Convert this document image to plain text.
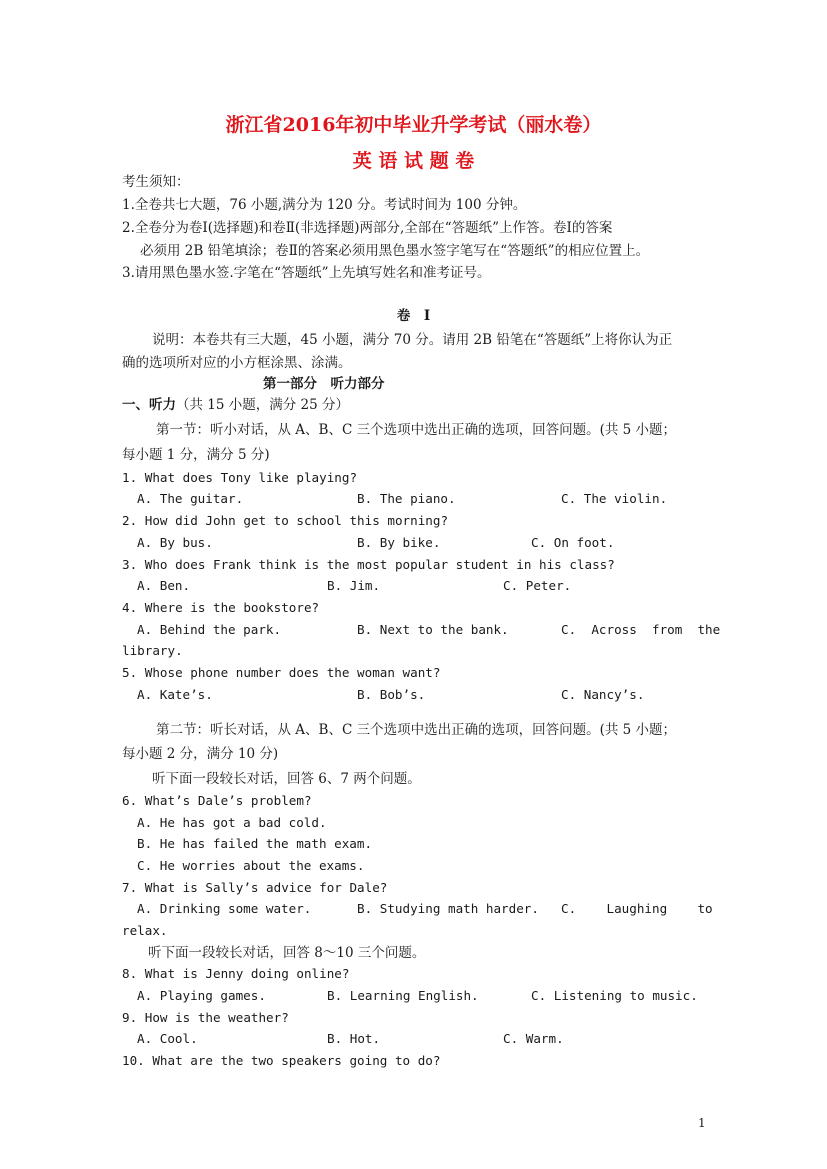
浙江省2016年初中毕业升学考试（丽水卷）
英 语 试 题 卷
考生须知：
1.全卷共七大题，76 小题,满分为 120 分。考试时间为 100 分钟。
2.全卷分为卷Ⅰ(选择题)和卷Ⅱ(非选择题)两部分,全部在“答题纸”上作答。卷Ⅰ的答案
必须用 2B 铅笔填涂；卷Ⅱ的答案必须用黑色墨水签字笔写在“答题纸”的相应位置上。
3.请用黑色墨水签.字笔在“答题纸”上先填写姓名和准考证号。
卷　Ⅰ
说明：本卷共有三大题，45 小题，满分 70 分。请用 2B 铅笔在“答题纸”上将你认为正
确的选项所对应的小方框涂黑、涂满。
第一部分　听力部分
一、听力（共 15 小题，满分 25 分）
第一节：听小对话，从 A、B、C 三个选项中选出正确的选项，回答问题。(共 5 小题；
每小题 1 分，满分 5 分)
1. What does Tony like playing?
A. The guitar.	B. The piano.	C. The violin.
2. How did John get to school this morning?
A. By bus.	B. By bike.	C. On foot.
3. Who does Frank think is the most popular student in his class?
A. Ben.	B. Jim.	C. Peter.
4. Where is the bookstore?
A. Behind the park.	B. Next to the bank.	C.  Across  from  the
library.
5. Whose phone number does the woman want?
A. Kate’s.	B. Bob’s.	C. Nancy’s.
第二节：听长对话，从 A、B、C 三个选项中选出正确的选项，回答问题。(共 5 小题；
每小题 2 分，满分 10 分)
听下面一段较长对话，回答 6、7 两个问题。
6. What’s Dale’s problem?
A. He has got a bad cold.
B. He has failed the math exam.
C. He worries about the exams.
7. What is Sally’s advice for Dale?
A. Drinking some water.	B. Studying math harder. C.    Laughing    to
relax.
听下面一段较长对话，回答 8～10 三个问题。
8. What is Jenny doing online?
A. Playing games.	B. Learning English.	C. Listening to music.
9. How is the weather?
A. Cool.	B. Hot.	C. Warm.
10. What are the two speakers going to do?
1
